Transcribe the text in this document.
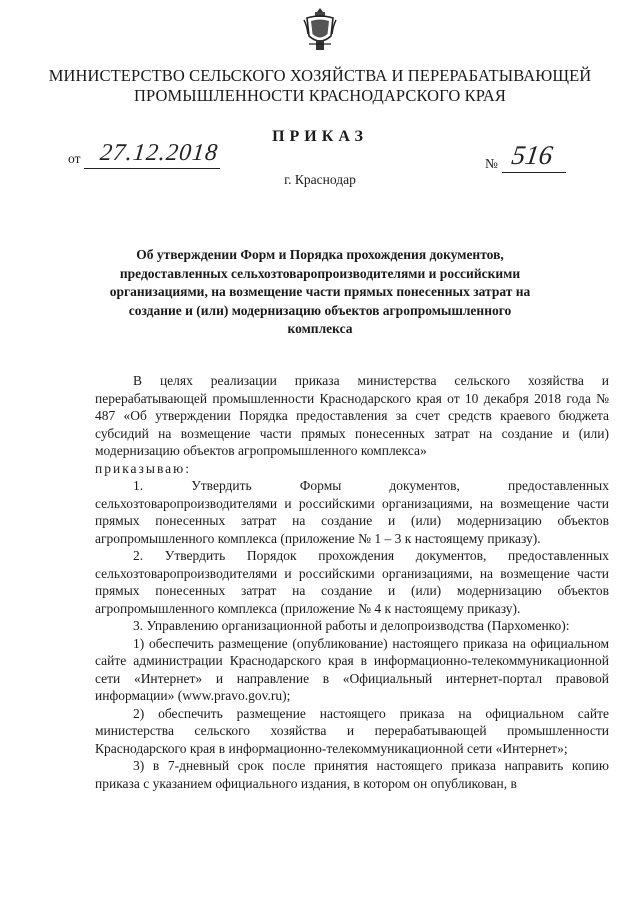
МИНИСТЕРСТВО СЕЛЬСКОГО ХОЗЯЙСТВА И ПЕРЕРАБАТЫВАЮЩЕЙ
ПРОМЫШЛЕННОСТИ КРАСНОДАРСКОГО КРАЯ
ПРИКАЗ
от 27.12.2018	№ 516
г. Краснодар
Об утверждении Форм и Порядка прохождения документов, предоставленных сельхозтоваропроизводителями и российскими организациями, на возмещение части прямых понесенных затрат на создание и (или) модернизацию объектов агропромышленного комплекса

В целях реализации приказа министерства сельского хозяйства и перерабатывающей промышленности Краснодарского края от 10 декабря 2018 года № 487 «Об утверждении Порядка предоставления за счет средств краевого бюджета субсидий на возмещение части прямых понесенных затрат на создание и (или) модернизацию объектов агропромышленного комплекса»

приказываю:

1. Утвердить Формы документов, предоставленных сельхозтоваропроизводителями и российскими организациями, на возмещение части прямых понесенных затрат на создание и (или) модернизацию объектов агропромышленного комплекса (приложение № 1 – 3 к настоящему приказу).

2. Утвердить Порядок прохождения документов, предоставленных сельхозтоваропроизводителями и российскими организациями, на возмещение части прямых понесенных затрат на создание и (или) модернизацию объектов агропромышленного комплекса (приложение № 4 к настоящему приказу).

3. Управлению организационной работы и делопроизводства (Пархоменко):

1) обеспечить размещение (опубликование) настоящего приказа на официальном сайте администрации Краснодарского края в информационно-телекоммуникационной сети «Интернет» и направление в «Официальный интернет-портал правовой информации» (www.pravo.gov.ru);

2) обеспечить размещение настоящего приказа на официальном сайте министерства сельского хозяйства и перерабатывающей промышленности Краснодарского края в информационно-телекоммуникационной сети «Интернет»;

3) в 7-дневный срок после принятия настоящего приказа направить копию приказа с указанием официального издания, в котором он опубликован, в
